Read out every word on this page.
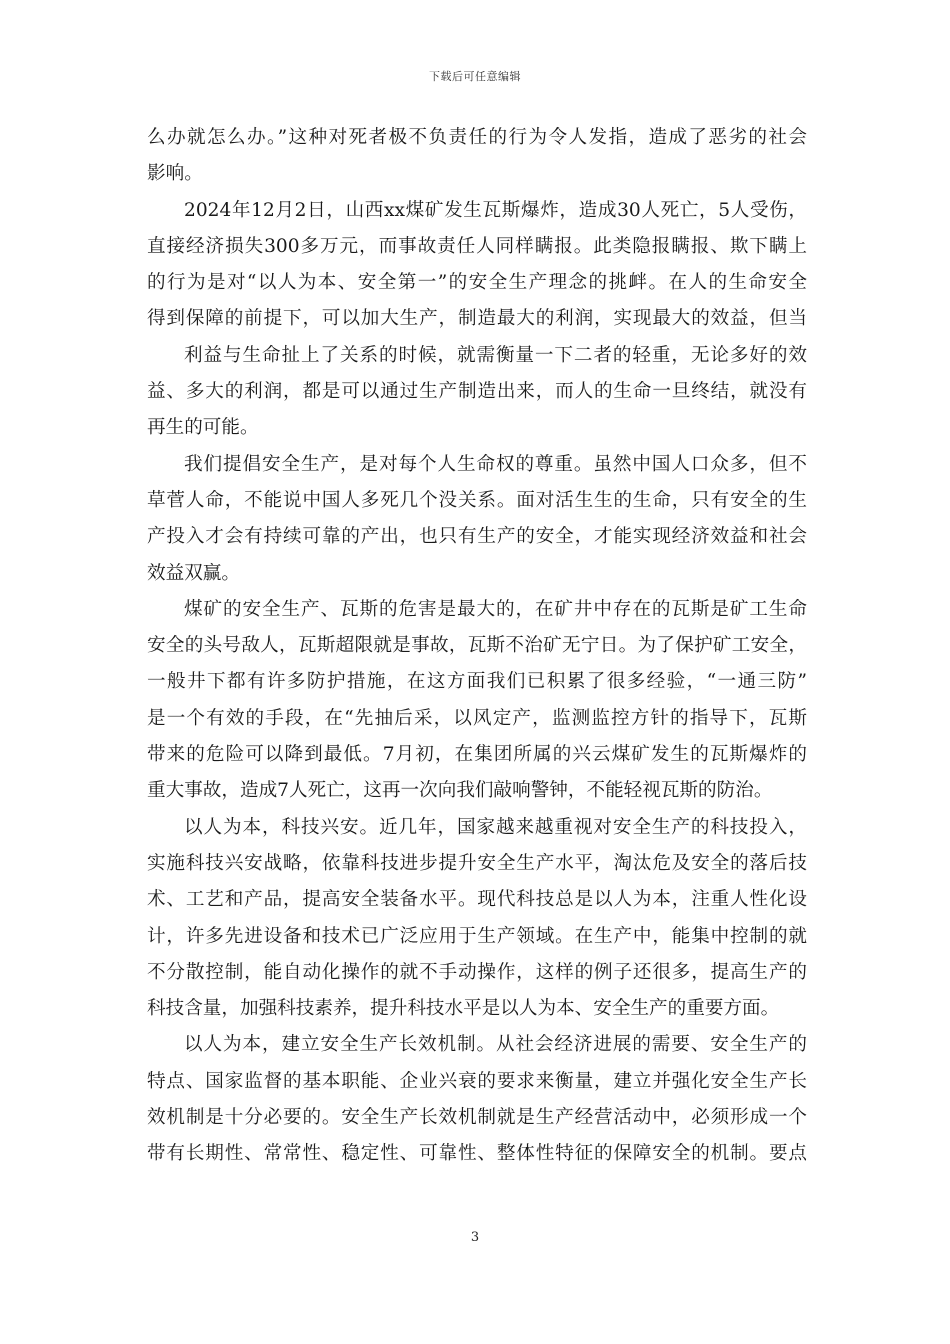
下载后可任意编辑
么办就怎么办。”这种对死者极不负责任的行为令人发指，造成了恶劣的社会
影响。
2024年12月2日，山西xx煤矿发生瓦斯爆炸，造成30人死亡，5人受伤，
直接经济损失300多万元，而事故责任人同样瞒报。此类隐报瞒报、欺下瞒上
的行为是对“以人为本、安全第一”的安全生产理念的挑衅。在人的生命安全
得到保障的前提下，可以加大生产，制造最大的利润，实现最大的效益，但当
利益与生命扯上了关系的时候，就需衡量一下二者的轻重，无论多好的效
益、多大的利润，都是可以通过生产制造出来，而人的生命一旦终结，就没有
再生的可能。
我们提倡安全生产，是对每个人生命权的尊重。虽然中国人口众多，但不
草菅人命，不能说中国人多死几个没关系。面对活生生的生命，只有安全的生
产投入才会有持续可靠的产出，也只有生产的安全，才能实现经济效益和社会
效益双赢。
煤矿的安全生产、瓦斯的危害是最大的，在矿井中存在的瓦斯是矿工生命
安全的头号敌人，瓦斯超限就是事故，瓦斯不治矿无宁日。为了保护矿工安全，
一般井下都有许多防护措施，在这方面我们已积累了很多经验，“一通三防”
是一个有效的手段，在“先抽后采，以风定产，监测监控方针的指导下，瓦斯
带来的危险可以降到最低。7月初，在集团所属的兴云煤矿发生的瓦斯爆炸的
重大事故，造成7人死亡，这再一次向我们敲响警钟，不能轻视瓦斯的防治。
以人为本，科技兴安。近几年，国家越来越重视对安全生产的科技投入，
实施科技兴安战略，依靠科技进步提升安全生产水平，淘汰危及安全的落后技
术、工艺和产品，提高安全装备水平。现代科技总是以人为本，注重人性化设
计，许多先进设备和技术已广泛应用于生产领域。在生产中，能集中控制的就
不分散控制，能自动化操作的就不手动操作，这样的例子还很多，提高生产的
科技含量，加强科技素养，提升科技水平是以人为本、安全生产的重要方面。
以人为本，建立安全生产长效机制。从社会经济进展的需要、安全生产的
特点、国家监督的基本职能、企业兴衰的要求来衡量，建立并强化安全生产长
效机制是十分必要的。安全生产长效机制就是生产经营活动中，必须形成一个
带有长期性、常常性、稳定性、可靠性、整体性特征的保障安全的机制。要点
3
